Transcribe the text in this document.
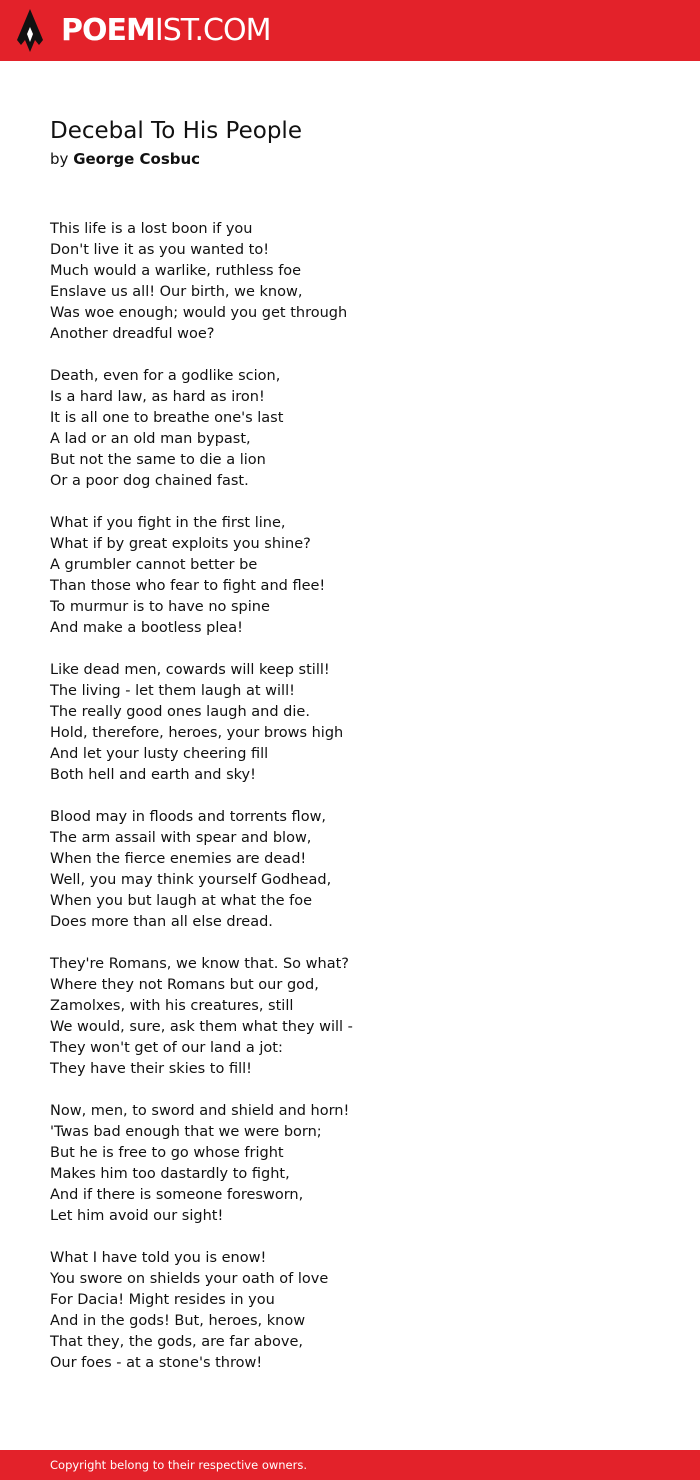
POEMIST.COM
Decebal To His People
by George Cosbuc

This life is a lost boon if you
Don't live it as you wanted to!
Much would a warlike, ruthless foe
Enslave us all! Our birth, we know,
Was woe enough; would you get through
Another dreadful woe?

Death, even for a godlike scion,
Is a hard law, as hard as iron!
It is all one to breathe one's last
A lad or an old man bypast,
But not the same to die a lion
Or a poor dog chained fast.

What if you fight in the first line,
What if by great exploits you shine?
A grumbler cannot better be
Than those who fear to fight and flee!
To murmur is to have no spine
And make a bootless plea!

Like dead men, cowards will keep still!
The living - let them laugh at will!
The really good ones laugh and die.
Hold, therefore, heroes, your brows high
And let your lusty cheering fill
Both hell and earth and sky!

Blood may in floods and torrents flow,
The arm assail with spear and blow,
When the fierce enemies are dead!
Well, you may think yourself Godhead,
When you but laugh at what the foe
Does more than all else dread.

They're Romans, we know that. So what?
Where they not Romans but our god,
Zamolxes, with his creatures, still
We would, sure, ask them what they will -
They won't get of our land a jot:
They have their skies to fill!

Now, men, to sword and shield and horn!
'Twas bad enough that we were born;
But he is free to go whose fright
Makes him too dastardly to fight,
And if there is someone foresworn,
Let him avoid our sight!

What I have told you is enow!
You swore on shields your oath of love
For Dacia! Might resides in you
And in the gods! But, heroes, know
That they, the gods, are far above,
Our foes - at a stone's throw!

Copyright belong to their respective owners.
